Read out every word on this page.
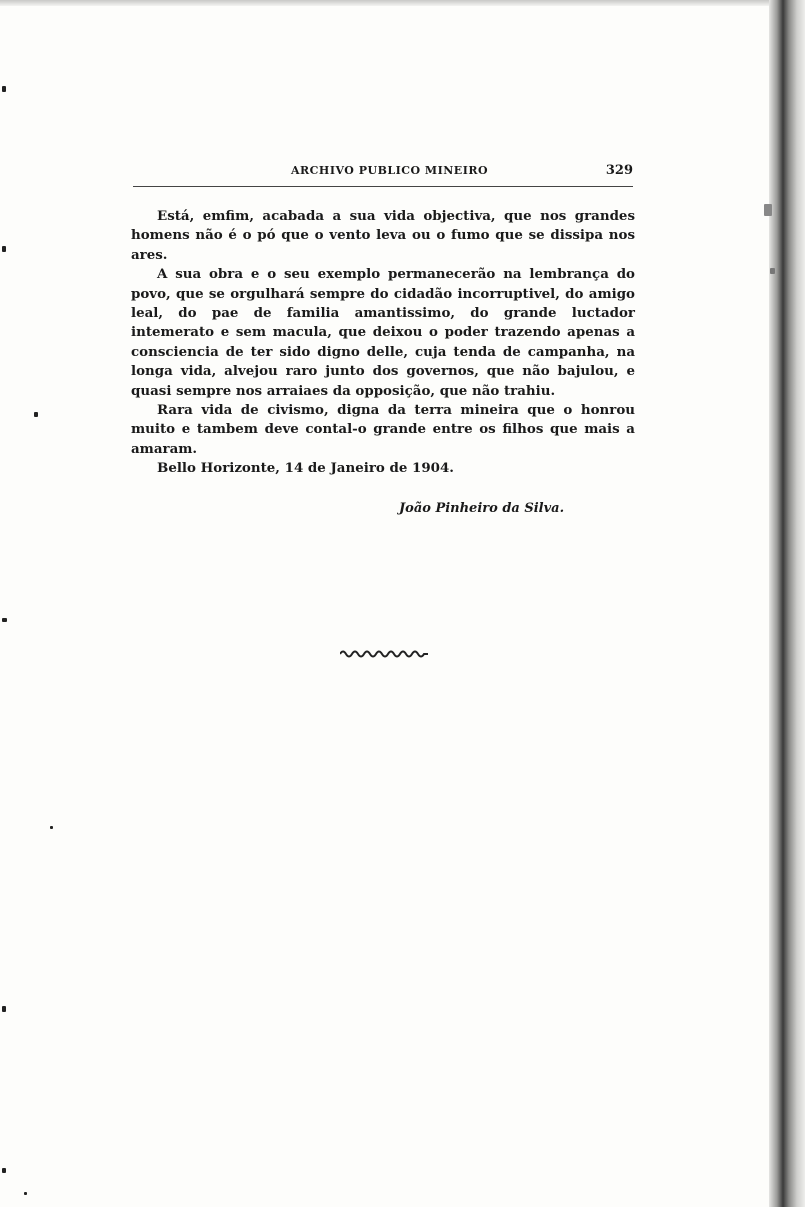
ARCHIVO PUBLICO MINEIRO	329

Está, emfim, acabada a sua vida objectiva, que nos grandes homens não é o pó que o vento leva ou o fumo que se dissipa nos ares.

A sua obra e o seu exemplo permanecerão na lembrança do povo, que se orgulhará sempre do cidadão incorruptivel, do amigo leal, do pae de familia amantissimo, do grande luctador intemerato e sem macula, que deixou o poder trazendo apenas a consciencia de ter sido digno delle, cuja tenda de campanha, na longa vida, alvejou raro junto dos governos, que não bajulou, e quasi sempre nos arraiaes da opposição, que não trahiu.

Rara vida de civismo, digna da terra mineira que o honrou muito e tambem deve contal-o grande entre os filhos que mais a amaram.

Bello Horizonte, 14 de Janeiro de 1904.

João Pinheiro da Silva.
